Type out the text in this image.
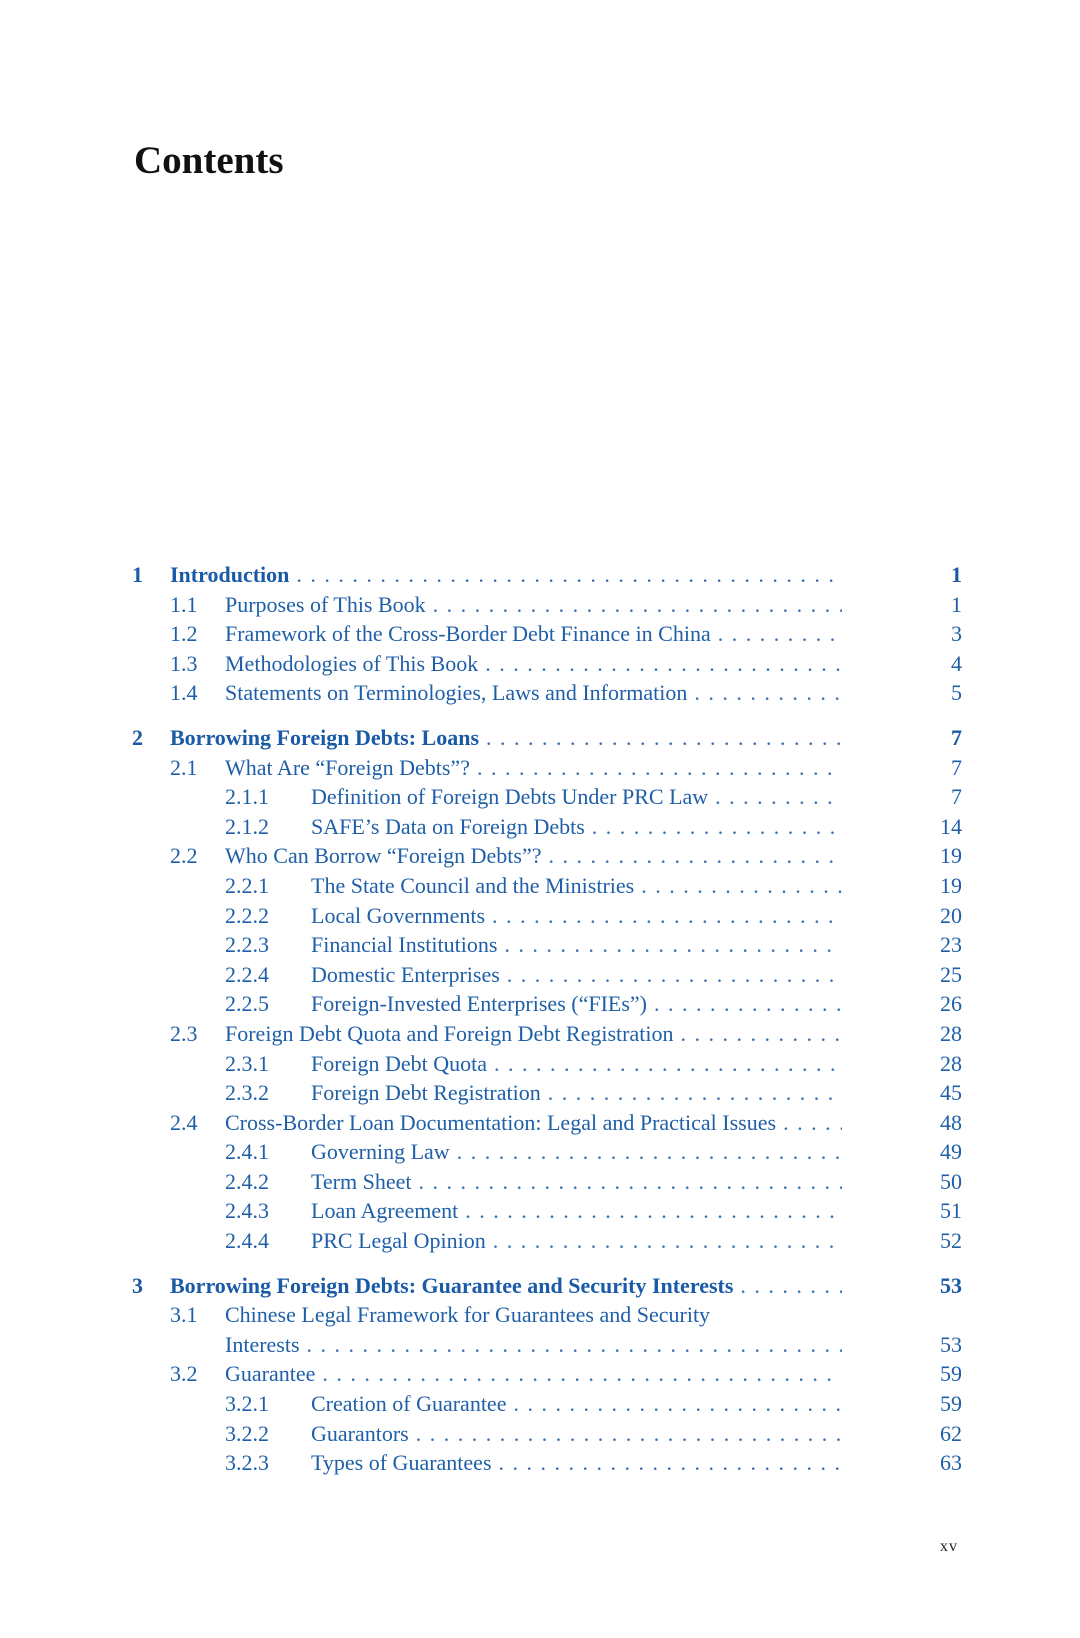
Contents
1 Introduction . . .	1
1.1 Purposes of This Book . . .	1
1.2 Framework of the Cross-Border Debt Finance in China . . .	3
1.3 Methodologies of This Book . . .	4
1.4 Statements on Terminologies, Laws and Information . . .	5
2 Borrowing Foreign Debts: Loans . . .	7
2.1 What Are “Foreign Debts”? . . .	7
2.1.1 Definition of Foreign Debts Under PRC Law . . .	7
2.1.2 SAFE’s Data on Foreign Debts . . .	14
2.2 Who Can Borrow “Foreign Debts”? . . .	19
2.2.1 The State Council and the Ministries . . .	19
2.2.2 Local Governments . . .	20
2.2.3 Financial Institutions . . .	23
2.2.4 Domestic Enterprises . . .	25
2.2.5 Foreign-Invested Enterprises (“FIEs”) . . .	26
2.3 Foreign Debt Quota and Foreign Debt Registration . . .	28
2.3.1 Foreign Debt Quota . . .	28
2.3.2 Foreign Debt Registration . . .	45
2.4 Cross-Border Loan Documentation: Legal and Practical Issues . . .	48
2.4.1 Governing Law . . .	49
2.4.2 Term Sheet . . .	50
2.4.3 Loan Agreement . . .	51
2.4.4 PRC Legal Opinion . . .	52
3 Borrowing Foreign Debts: Guarantee and Security Interests . . .	53
3.1 Chinese Legal Framework for Guarantees and Security
Interests . . .	53
3.2 Guarantee . . .	59
3.2.1 Creation of Guarantee . . .	59
3.2.2 Guarantors . . .	62
3.2.3 Types of Guarantees . . .	63
xv
